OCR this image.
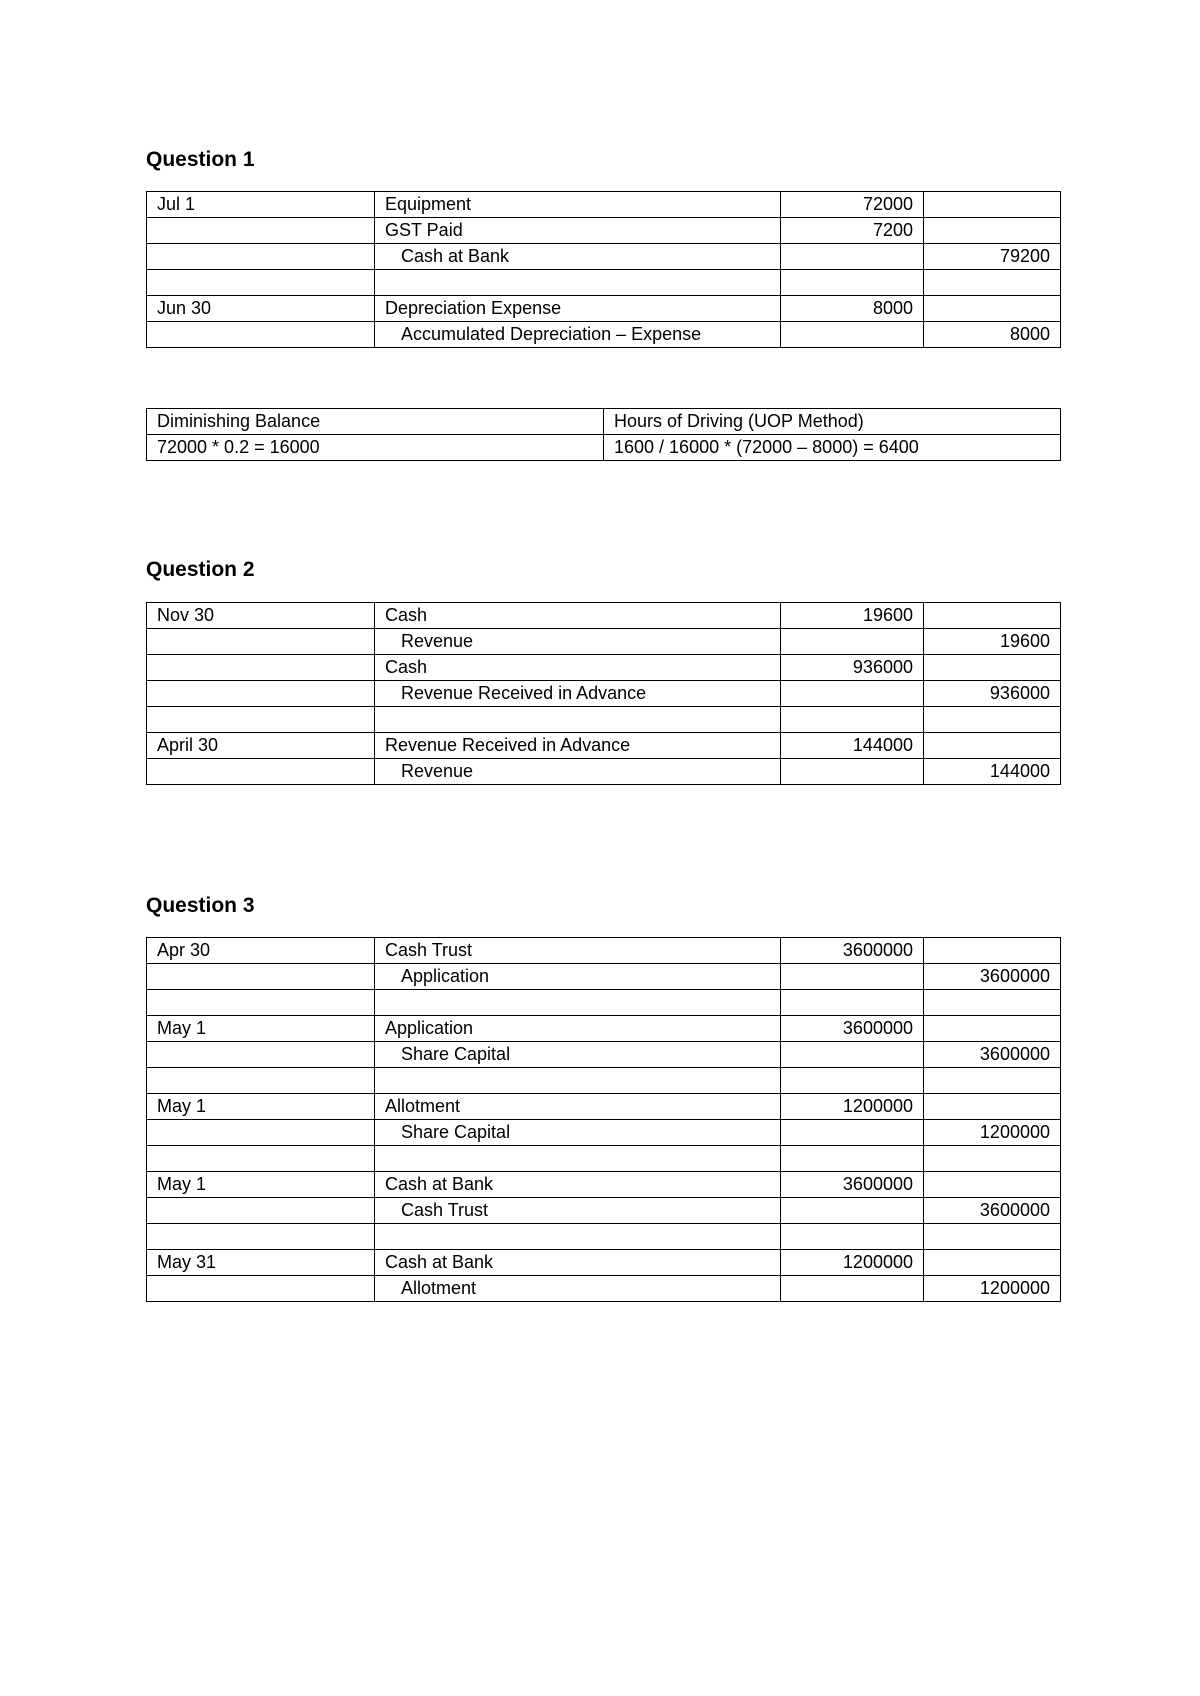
Question 1
Jul 1	Equipment	72000	
	GST Paid	7200	
	Cash at Bank		79200

Jun 30	Depreciation Expense	8000	
	Accumulated Depreciation – Expense		8000
Diminishing Balance	Hours of Driving (UOP Method)
72000 * 0.2 = 16000	1600 / 16000 * (72000 – 8000) = 6400
Question 2
Nov 30	Cash	19600	
	Revenue		19600
	Cash	936000	
	Revenue Received in Advance		936000

April 30	Revenue Received in Advance	144000	
	Revenue		144000
Question 3
Apr 30	Cash Trust	3600000	
	Application		3600000

May 1	Application	3600000	
	Share Capital		3600000

May 1	Allotment	1200000	
	Share Capital		1200000

May 1	Cash at Bank	3600000	
	Cash Trust		3600000

May 31	Cash at Bank	1200000	
	Allotment		1200000
